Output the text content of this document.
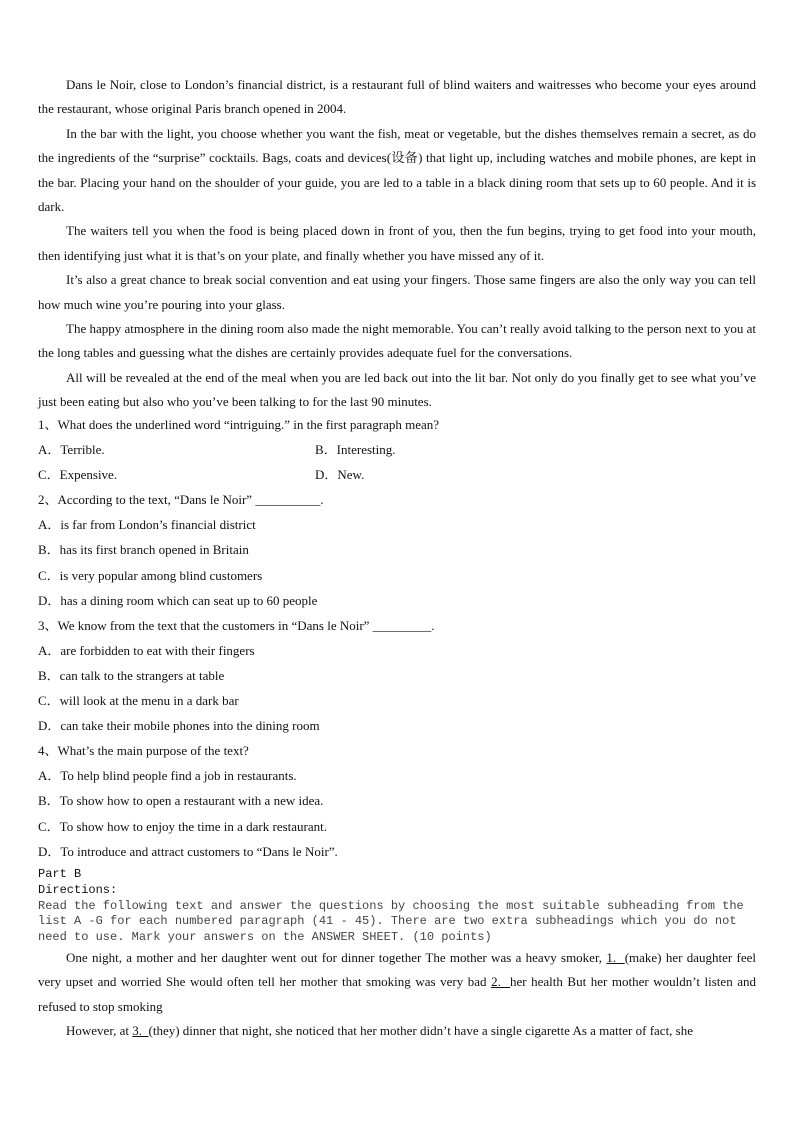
Dans le Noir, close to London’s financial district, is a restaurant full of blind waiters and waitresses who become your eyes around the restaurant, whose original Paris branch opened in 2004.

In the bar with the light, you choose whether you want the fish, meat or vegetable, but the dishes themselves remain a secret, as do the ingredients of the “surprise” cocktails. Bags, coats and devices(设备) that light up, including watches and mobile phones, are kept in the bar. Placing your hand on the shoulder of your guide, you are led to a table in a black dining room that sets up to 60 people. And it is dark.

The waiters tell you when the food is being placed down in front of you, then the fun begins, trying to get food into your mouth, then identifying just what it is that’s on your plate, and finally whether you have missed any of it.

It’s also a great chance to break social convention and eat using your fingers. Those same fingers are also the only way you can tell how much wine you’re pouring into your glass.

The happy atmosphere in the dining room also made the night memorable. You can’t really avoid talking to the person next to you at the long tables and guessing what the dishes are certainly provides adequate fuel for the conversations.

All will be revealed at the end of the meal when you are led back out into the lit bar. Not only do you finally get to see what you’ve just been eating but also who you’ve been talking to for the last 90 minutes.

1、What does the underlined word “intriguing.” in the first paragraph mean?
A．Terrible.	B．Interesting.
C．Expensive.	D．New.
2、According to the text, “Dans le Noir” __________.
A．is far from London’s financial district
B．has its first branch opened in Britain
C．is very popular among blind customers
D．has a dining room which can seat up to 60 people
3、We know from the text that the customers in “Dans le Noir” _________.
A．are forbidden to eat with their fingers
B．can talk to the strangers at table
C．will look at the menu in a dark bar
D．can take their mobile phones into the dining room
4、What’s the main purpose of the text?
A．To help blind people find a job in restaurants.
B．To show how to open a restaurant with a new idea.
C．To show how to enjoy the time in a dark restaurant.
D．To introduce and attract customers to “Dans le Noir”.
Part B
Directions:
Read the following text and answer the questions by choosing the most suitable subheading from the list A -G for each numbered paragraph (41 - 45). There are two extra subheadings which you do not need to use. Mark your answers on the ANSWER SHEET. (10 points)

One night, a mother and her daughter went out for dinner together The mother was a heavy smoker, 1.  (make) her daughter feel very upset and worried She would often tell her mother that smoking was very bad 2.  her health But her mother wouldn’t listen and refused to stop smoking

However, at 3.  (they) dinner that night, she noticed that her mother didn’t have a single cigarette As a matter of fact, she
